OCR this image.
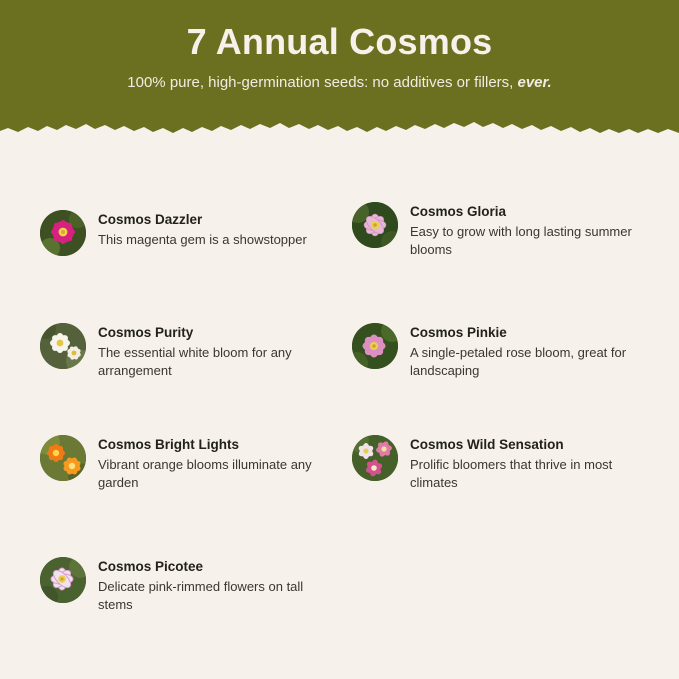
7 Annual Cosmos
100% pure, high-germination seeds: no additives or fillers, ever.

Cosmos Dazzler

This magenta gem is a showstopper

Cosmos Gloria

Easy to grow with long lasting summer blooms

Cosmos Purity

The essential white bloom for any arrangement

Cosmos Pinkie

A single-petaled rose bloom, great for landscaping

Cosmos Bright Lights

Vibrant orange blooms illuminate any garden

Cosmos Wild Sensation

Prolific bloomers that thrive in most climates

Cosmos Picotee

Delicate pink-rimmed flowers on tall stems
